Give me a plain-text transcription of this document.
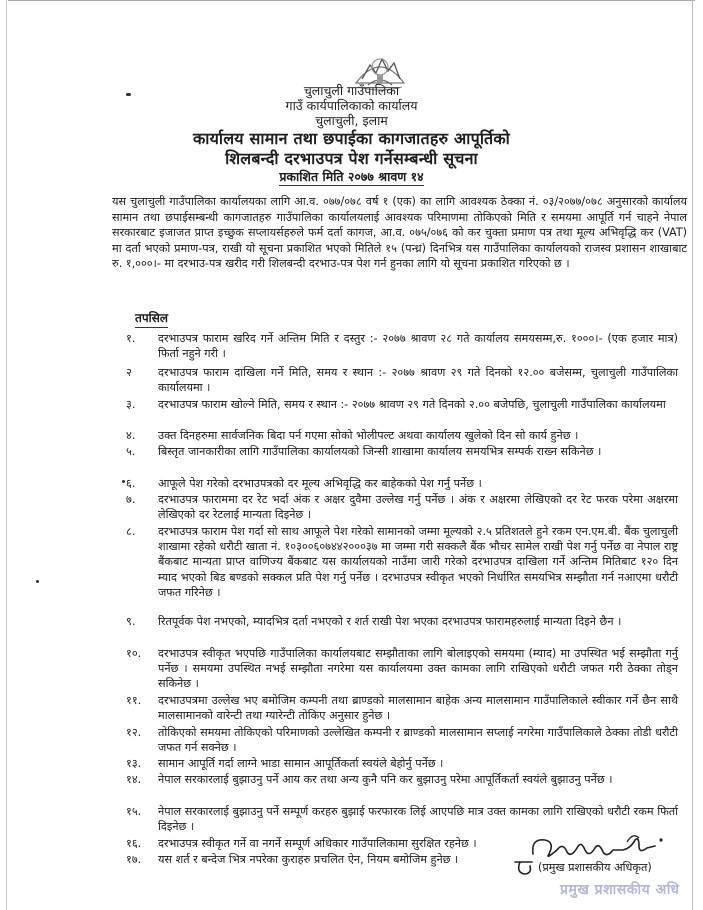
चुलाचुली गाउँपालिका
गाउँ कार्यपालिकाको कार्यालय
चुलाचुली, इलाम
कार्यालय सामान तथा छपाईका कागजातहरु आपूर्तिको
शिलबन्दी दरभाउपत्र पेश गर्नेसम्बन्धी सूचना
प्रकाशित मिति २०७७ श्रावण १४
यस चुलाचुली गाउँपालिका कार्यालयका लागि आ.व. ०७७/०७८ वर्ष १ (एक) का लागि आवश्यक ठेक्का नं. ०३/२०७७/०७८ अनुसारको कार्यालय सामान तथा छपाईसम्बन्धी कागजातहरु गाउँपालिका कार्यालयलाई आवश्यक परिमाणमा तोकिएको मिति र समयमा आपूर्ति गर्न चाहने नेपाल सरकारबाट इजाजत प्राप्त इच्छुक सप्लायर्सहरुले फर्म दर्ता कागज, आ.व. ०७५/०७६ को कर चुक्ता प्रमाण पत्र तथा मूल्य अभिवृद्धि कर (VAT) मा दर्ता भएको प्रमाण-पत्र, राखी यो सूचना प्रकाशित भएको मितिले १५ (पन्ध्र) दिनभित्र यस गाउँपालिका कार्यालयको राजस्व प्रशासन शाखाबाट रु. १,०००।- मा दरभाउ-पत्र खरीद गरी शिलबन्दी दरभाउ-पत्र पेश गर्न हुनका लागि यो सूचना प्रकाशित गरिएको छ ।
तपसिल
१.	दरभाउपत्र फाराम खरिद गर्ने अन्तिम मिति र दस्तुर :- २०७७ श्रावण २८ गते कार्यालय समयसम्म,रु. १०००।- (एक हजार मात्र) फिर्ता नहुने गरी ।
२	दरभाउपत्र फाराम दाखिला गर्ने मिति, समय र स्थान :- २०७७ श्रावण २९ गते दिनको १२.०० बजेसम्म, चुलाचुली गाउँपालिका कार्यालयमा ।
३.	दरभाउपत्र फाराम खोल्ने मिति, समय र स्थान :- २०७७ श्रावण २९ गते दिनको २.०० बजेपछि, चुलाचुली गाउँपालिका कार्यालयमा
४.	उक्त दिनहरुमा सार्वजनिक बिदा पर्न गएमा सोको भोलीपल्ट अथवा कार्यालय खुलेको दिन सो कार्य हुनेछ ।
५.	बिस्तृत जानकारीका लागि गाउँपालिका कार्यालयको जिन्सी शाखामा कार्यालय समयभित्र सम्पर्क राख्न सकिनेछ ।
६.	आफूले पेश गरेको दरभाउपत्रको दर मूल्य अभिवृद्धि कर बाहेकको पेश गर्नु पर्नेछ ।
७.	दरभाउपत्र फाराममा दर रेट भर्दा अंक र अक्षर दुवैमा उल्लेख गर्नु पर्नेछ । अंक र अक्षरमा लेखिएको दर रेट फरक परेमा अक्षरमा लेखिएको दर रेटलाई मान्यता दिइनेछ ।
८.	दरभाउपत्र फाराम पेश गर्दा सो साथ आफूले पेश गरेको सामानको जम्मा मूल्यको २.५ प्रतिशतले हुने रकम एन.एम.बी. बैंक चुलाचुली शाखामा रहेको धरौटी खाता नं. १०३००६०७४४२०००३७ मा जम्मा गरी सक्कलै बैंक भौचर सामेल राखी पेश गर्नु पर्नेछ वा नेपाल राष्ट्र बैंकबाट मान्यता प्राप्त वाणिज्य बैंकबाट यस कार्यालयको नाउँमा जारी गरेको दरभाउपत्र दाखिला गर्ने अन्तिम मितिबाट १२० दिन म्याद भएको बिड बण्डको सक्कल प्रति पेश गर्नु पर्नेछ । दरभाउपत्र स्वीकृत भएको निर्धारित समयभित्र सम्झौता गर्न नआएमा धरौटी जफत गरिनेछ ।
९.	रितपूर्वक पेश नभएको, म्यादभित्र दर्ता नभएको र शर्त राखी पेश भएका दरभाउपत्र फारामहरुलाई मान्यता दिइने छैन ।
१०.	दरभाउपत्र स्वीकृत भएपछि गाउँपालिका कार्यालयबाट सम्झौताका लागि बोलाइएको समयमा (म्याद) मा उपस्थित भई सम्झौता गर्नु पर्नेछ । समयमा उपस्थित नभई सम्झौता नगरेमा यस कार्यालयमा उक्त कामका लागि राखिएको धरौटी जफत गरी ठेक्का तोड्न सकिनेछ ।
११.	दरभाउपत्रमा उल्लेख भए बमोजिम कम्पनी तथा ब्राण्डको मालसामान बाहेक अन्य मालसामान गाउँपालिकाले स्वीकार गर्ने छैन साथै मालसामानको वारेन्टी तथा ग्यारेन्टी तोकिए अनुसार हुनेछ ।
१२.	तोकिएको समयमा तोकिएको परिमाणको उल्लेखित कम्पनी र ब्राण्डको मालसामान सप्लाई नगरेमा गाउँपालिकाले ठेक्का तोडी धरौटी जफत गर्न सक्नेछ ।
१३.	सामान आपूर्ति गर्दा लाग्ने भाडा सामान आपूर्तिकर्ता स्वयंले बेहोर्नु पर्नेछ ।
१४.	नेपाल सरकारलाई बुझाउनु पर्ने आय कर तथा अन्य कुनै पनि कर बुझाउनु परेमा आपूर्तिकर्ता स्वयंले बुझाउनु पर्नेछ ।
१५.	नेपाल सरकारलाई बुझाउनु पर्ने सम्पूर्ण करहरु बुझाई फरफारक लिई आएपछि मात्र उक्त कामका लागि राखिएको धरौटी रकम फिर्ता दिइनेछ ।
१६.	दरभाउपत्र स्वीकृत गर्ने वा नगर्ने सम्पूर्ण अधिकार गाउँपालिकामा सुरक्षित रहनेछ ।
१७.	यस शर्त र बन्देज भित्र नपरेका कुराहरु प्रचलित ऐन, नियम बमोजिम हुनेछ ।
(प्रमुख प्रशासकीय अधिकृत)
प्रमुख प्रशासकीय अधि
